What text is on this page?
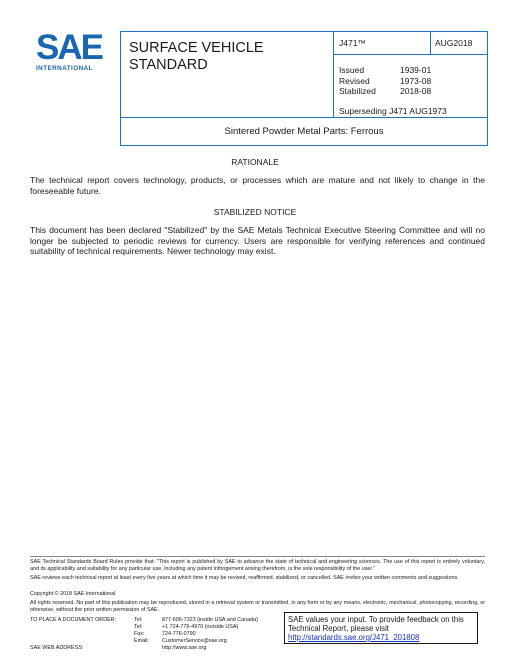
SAE
INTERNATIONAL
SURFACE VEHICLE
STANDARD
J471™	AUG2018
Issued	1939-01
Revised	1973-08
Stabilized	2018-08
Superseding J471 AUG1973
Sintered Powder Metal Parts: Ferrous
RATIONALE
The technical report covers technology, products, or processes which are mature and not likely to change in the foreseeable future.
STABILIZED NOTICE
This document has been declared "Stabilized" by the SAE Metals Technical Executive Steering Committee and will no longer be subjected to periodic reviews for currency. Users are responsible for verifying references and continued suitability of technical requirements. Newer technology may exist.
SAE Technical Standards Board Rules provide that: "This report is published by SAE to advance the state of technical and engineering sciences. The use of this report is entirely voluntary, and its applicability and suitability for any particular use, including any patent infringement arising therefrom, is the sole responsibility of the user."
SAE reviews each technical report at least every five years at which time it may be revised, reaffirmed, stabilized, or cancelled. SAE invites your written comments and suggestions.
Copyright © 2018 SAE International
All rights reserved. No part of this publication may be reproduced, stored in a retrieval system or transmitted, in any form or by any means, electronic, mechanical, photocopying, recording, or otherwise, without the prior written permission of SAE.
TO PLACE A DOCUMENT ORDER:	Tel:	877-606-7323 (inside USA and Canada)
Tel:	+1 724-776-4970 (outside USA)
Fax:	724-776-0790
Email:	CustomerService@sae.org
SAE WEB ADDRESS:	http://www.sae.org
SAE values your input. To provide feedback on this Technical Report, please visit
http://standards.sae.org/J471_201808
